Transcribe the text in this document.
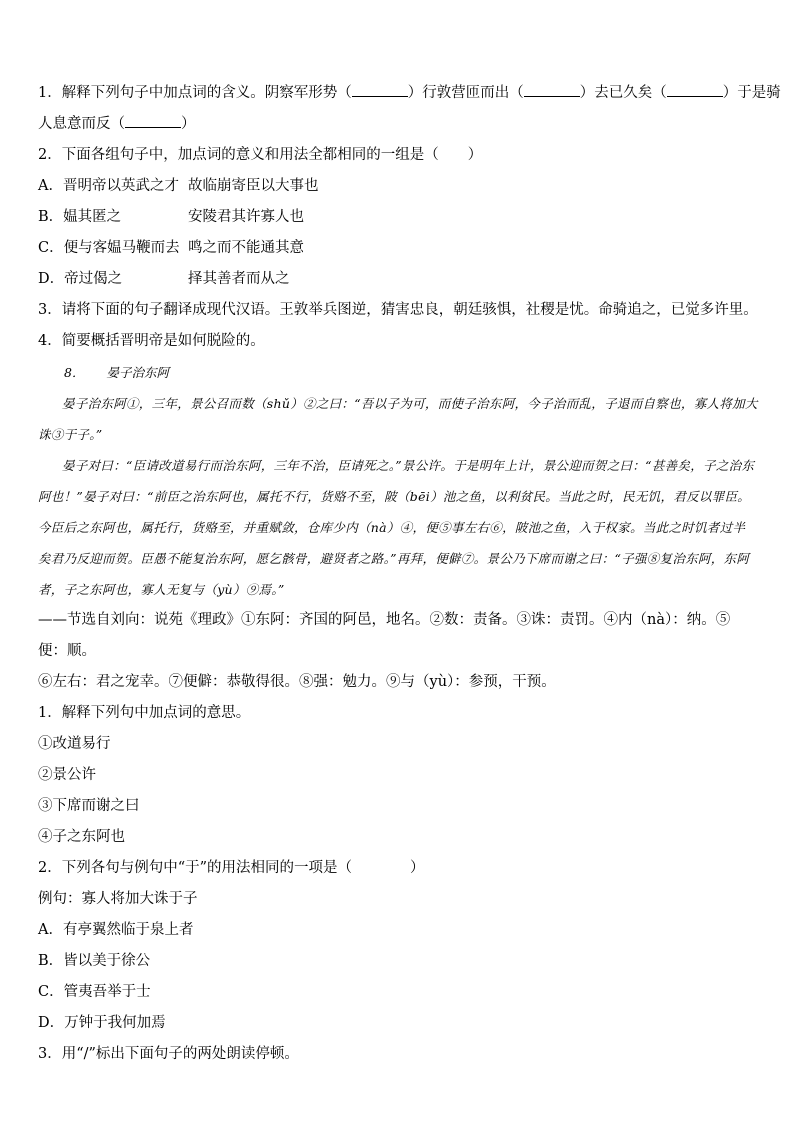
1．解释下列句子中加点词的含义。阴察军形势（	）行敦营匝而出（	）去已久矣（	）于是骑
人息意而反（	）
2．下面各组句子中，加点词的意义和用法全都相同的一组是（　　）
A．晋明帝以英武之才 故临崩寄臣以大事也
B．媪其匿之	安陵君其许寡人也
C．便与客媪马鞭而去 鸣之而不能通其意
D．帝过偈之	择其善者而从之
3．请将下面的句子翻译成现代汉语。王敦举兵图逆，猜害忠良，朝廷骇惧，社稷是忧。命骑追之，已觉多许里。
4．简要概括晋明帝是如何脱险的。
8． 晏子治东阿
晏子治东阿①，三年，景公召而数（shǔ）②之曰：“吾以子为可，而使子治东阿，今子治而乱，子退而自察也，寡人将加大诛③于子。”
晏子对曰：“臣请改道易行而治东阿，三年不治，臣请死之。”景公许。于是明年上计，景公迎而贺之曰：“甚善矣，子之治东阿也！”晏子对曰：“前臣之治东阿也，属托不行，货赂不至，陂（bēi）池之鱼，以利贫民。当此之时，民无饥，君反以罪臣。今臣后之东阿也，属托行，货赂至，并重赋敛，仓库少内（nà）④，便⑤事左右⑥，陂池之鱼，入于权家。当此之时饥者过半矣君乃反迎而贺。臣愚不能复治东阿，愿乞骸骨，避贤者之路。”再拜，便僻⑦。景公乃下席而谢之曰：“子强⑧复治东阿，东阿者，子之东阿也，寡人无复与（yù）⑨焉。”
——节选自刘向：说苑《理政》①东阿：齐国的阿邑，地名。②数：责备。③诛：责罚。④内（nà）：纳。⑤便：顺。
⑥左右：君之宠幸。⑦便僻：恭敬得很。⑧强：勉力。⑨与（yù）：参预，干预。
1．解释下列句中加点词的意思。
①改道易行
②景公许
③下席而谢之曰
④子之东阿也
2．下列各句与例句中“于”的用法相同的一项是（　　　　）
例句：寡人将加大诛于子
A．有亭翼然临于泉上者
B．皆以美于徐公
C．管夷吾举于士
D．万钟于我何加焉
3．用“/”标出下面句子的两处朗读停顿。
